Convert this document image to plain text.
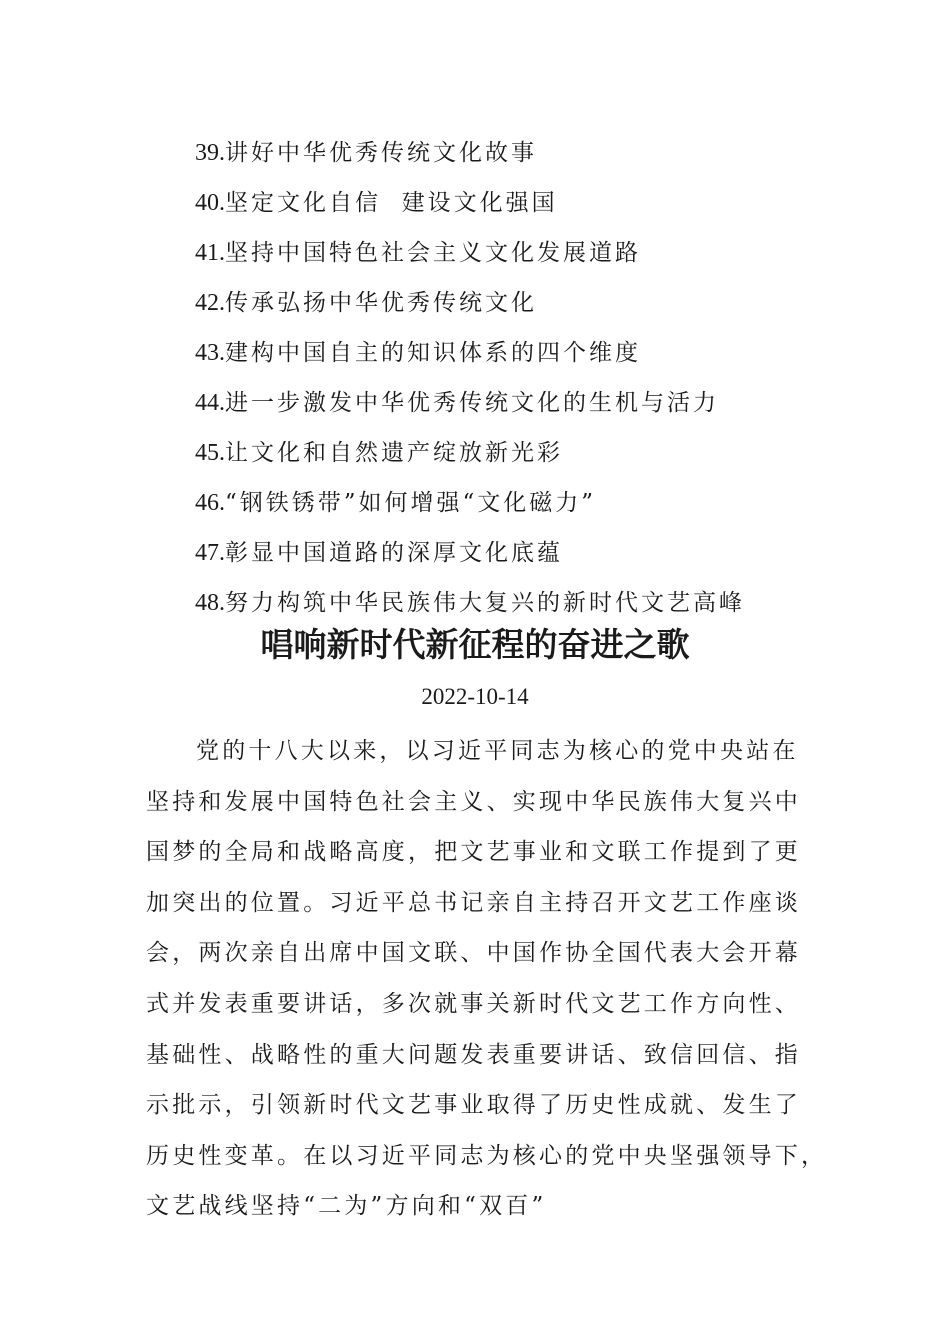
39.讲好中华优秀传统文化故事
40.坚定文化自信  建设文化强国
41.坚持中国特色社会主义文化发展道路
42.传承弘扬中华优秀传统文化
43.建构中国自主的知识体系的四个维度
44.进一步激发中华优秀传统文化的生机与活力
45.让文化和自然遗产绽放新光彩
46.“钢铁锈带”如何增强“文化磁力”
47.彰显中国道路的深厚文化底蕴
48.努力构筑中华民族伟大复兴的新时代文艺高峰
唱响新时代新征程的奋进之歌
2022-10-14
党的十八大以来，以习近平同志为核心的党中央站在
坚持和发展中国特色社会主义、实现中华民族伟大复兴中
国梦的全局和战略高度，把文艺事业和文联工作提到了更
加突出的位置。习近平总书记亲自主持召开文艺工作座谈
会，两次亲自出席中国文联、中国作协全国代表大会开幕
式并发表重要讲话，多次就事关新时代文艺工作方向性、
基础性、战略性的重大问题发表重要讲话、致信回信、指
示批示，引领新时代文艺事业取得了历史性成就、发生了
历史性变革。在以习近平同志为核心的党中央坚强领导下，
文艺战线坚持“二为”方向和“双百”
